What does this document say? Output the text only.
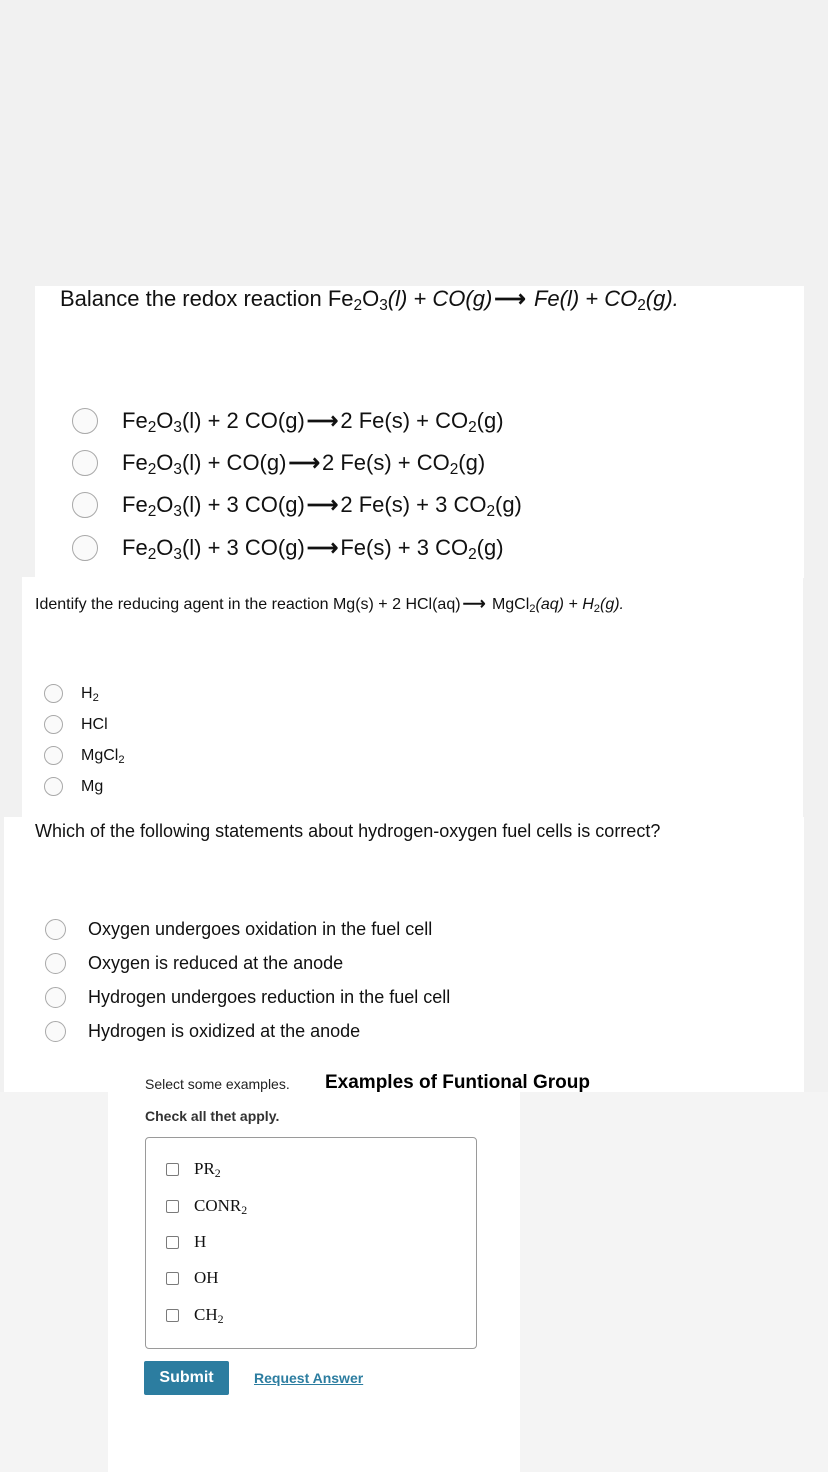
Balance the redox reaction $Fe_2O_3(l)$ + CO(g)⟶ $Fe(l) + CO_2(g)$.
$Fe_2O_3(l) + 2$ CO(g)⟶2 $Fe(s) + CO_2(g)$
$Fe_2O_3(l)$ + CO(g)⟶2 $Fe(s) + CO_2(g)$
$Fe_2O_3(l) + 3$ CO(g)⟶2 Fe(s) + 3 $CO_2(g)$
$Fe_2O_3(l) + 3$ CO(g)⟶Fe(s) + 3 $CO_2(g)$
Identify the reducing agent in the reaction Mg(s) + 2 HCl(aq) ⟶ MgCl$_2$(aq) + $H_2(g)$.
$H_2$
HCl
MgCl$_2$
Mg
Which of the following statements about hydrogen-oxygen fuel cells is correct?
Oxygen undergoes oxidation in the fuel cell
Oxygen is reduced at the anode
Hydrogen undergoes reduction in the fuel cell
Hydrogen is oxidized at the anode
Select some examples. Examples of Funtional Group
Check all thet apply.
$PR_2$
$CONR_2$
H
OH
$CH_2$
Submit	Request Answer
